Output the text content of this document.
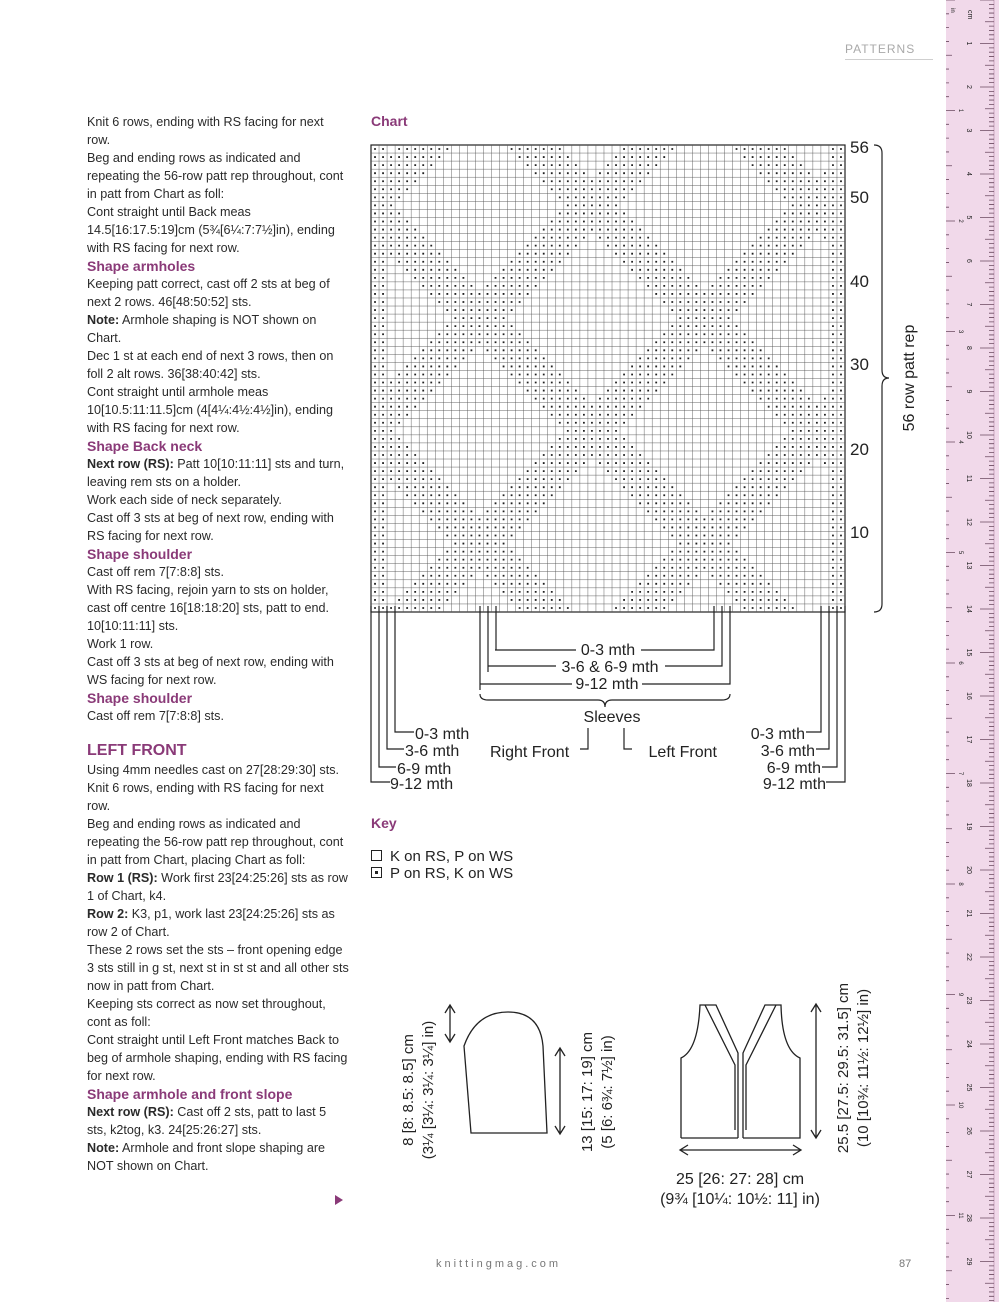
PATTERNS

Knit 6 rows, ending with RS facing for next row.

Beg and ending rows as indicated and repeating the 56-row patt rep throughout, cont in patt from Chart as foll:

Cont straight until Back meas 14.5[16:17.5:19]cm (5¾[6¼:7:7½]in), ending with RS facing for next row.

Shape armholes

Keeping patt correct, cast off 2 sts at beg of next 2 rows. 46[48:50:52] sts.

Note: Armhole shaping is NOT shown on Chart.

Dec 1 st at each end of next 3 rows, then on foll 2 alt rows. 36[38:40:42] sts.

Cont straight until armhole meas 10[10.5:11:11.5]cm (4[4¼:4½:4½]in), ending with RS facing for next row.

Shape Back neck

Next row (RS): Patt 10[10:11:11] sts and turn, leaving rem sts on a holder.

Work each side of neck separately.

Cast off 3 sts at beg of next row, ending with RS facing for next row.

Shape shoulder

Cast off rem 7[7:8:8] sts.

With RS facing, rejoin yarn to sts on holder, cast off centre 16[18:18:20] sts, patt to end. 10[10:11:11] sts.

Work 1 row.

Cast off 3 sts at beg of next row, ending with WS facing for next row.

Shape shoulder

Cast off rem 7[7:8:8] sts.

LEFT FRONT

Using 4mm needles cast on 27[28:29:30] sts.

Knit 6 rows, ending with RS facing for next row.

Beg and ending rows as indicated and repeating the 56-row patt rep throughout, cont in patt from Chart, placing Chart as foll:

Row 1 (RS): Work first 23[24:25:26] sts as row 1 of Chart, k4.

Row 2: K3, p1, work last 23[24:25:26] sts as row 2 of Chart.

These 2 rows set the sts – front opening edge 3 sts still in g st, next st in st st and all other sts now in patt from Chart.

Keeping sts correct as now set throughout, cont as foll:

Cont straight until Left Front matches Back to beg of armhole shaping, ending with RS facing for next row.

Shape armhole and front slope

Next row (RS): Cast off 2 sts, patt to last 5 sts, k2tog, k3. 24[25:26:27] sts.

Note: Armhole and front slope shaping are NOT shown on Chart.

Chart
56
50
40
30
20
10
56 row patt rep
0-3 mth
3-6 & 6-9 mth
9-12 mth
Sleeves
0-3 mth
3-6 mth
6-9 mth
9-12 mth
Right Front
0-3 mth
3-6 mth
6-9 mth
9-12 mth
Left Front
8 [8: 8.5: 8.5] cm (3¼ [3¼: 3¼: 3¼] in)	13 [15: 17: 19] cm (5 [6: 6¾: 7½] in)
25 [26: 27: 28] cm
(9¾ [10¼: 10½: 11] in)
25.5 [27.5: 29.5: 31.5] cm (10 [10¾: 11½: 12½] in)
Key
K on RS, P on WS
P on RS, K on WS
knittingmag.com	87
cm
in
1
2
3
4
5
6
7
8
9
10
11
12
13
14
15
16
17
18
19
20
21
22
23
24
25
26
27
28
29
1
2
3
4
5
6
7
8
9
10
11
